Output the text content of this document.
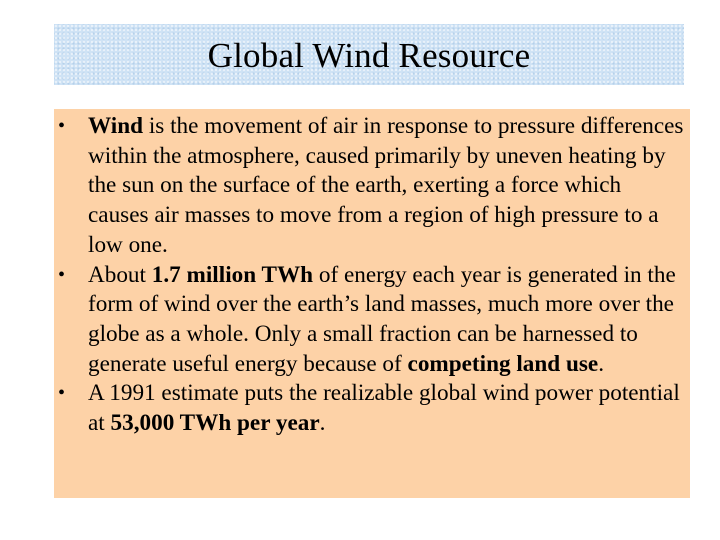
Global Wind Resource
• Wind is the movement of air in response to pressure differences within the atmosphere, caused primarily by uneven heating by the sun on the surface of the earth, exerting a force which causes air masses to move from a region of high pressure to a low one.
• About 1.7 million TWh of energy each year is generated in the form of wind over the earth’s land masses, much more over the globe as a whole. Only a small fraction can be harnessed to generate useful energy because of competing land use.
• A 1991 estimate puts the realizable global wind power potential at 53,000 TWh per year.
